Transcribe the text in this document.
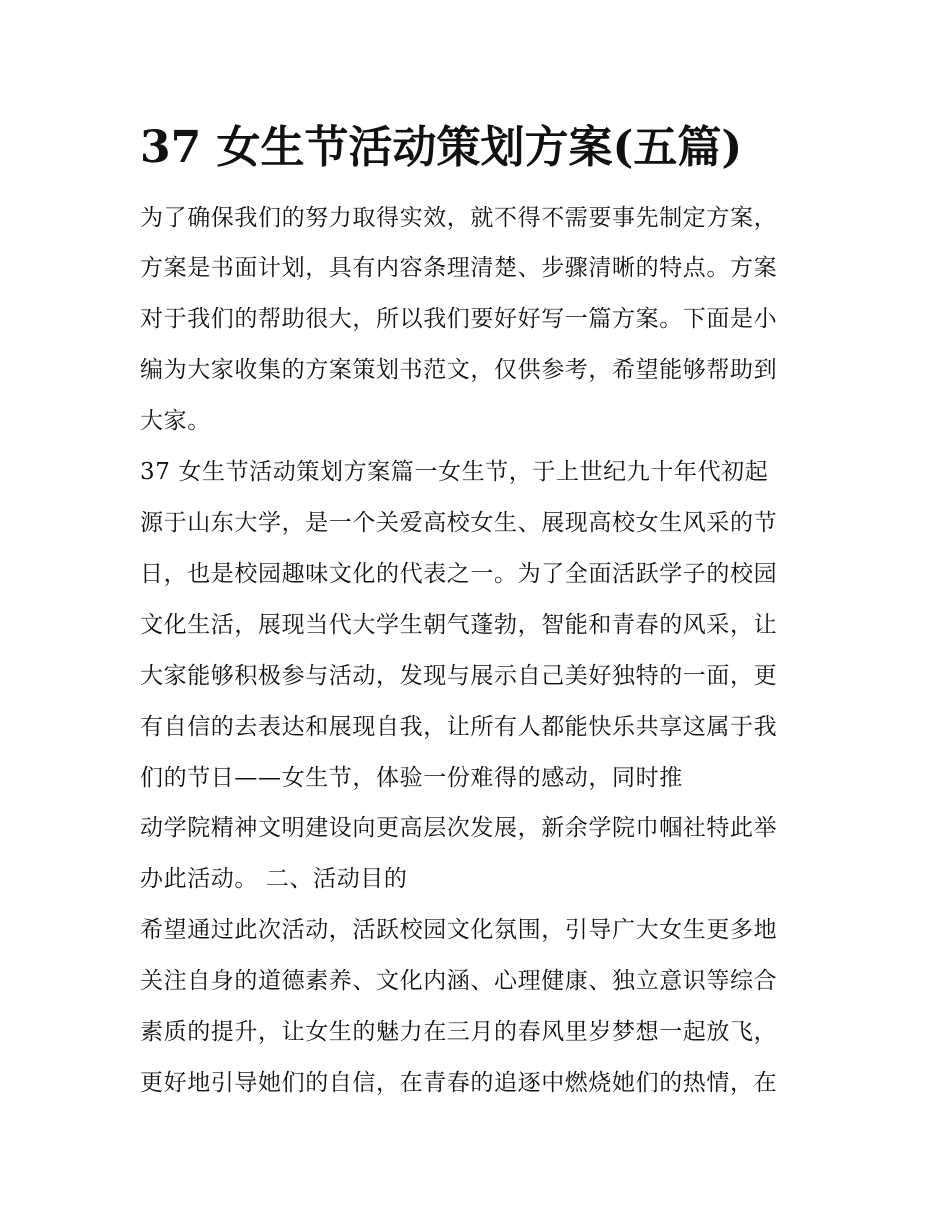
37 女生节活动策划方案(五篇)

为了确保我们的努力取得实效，就不得不需要事先制定方案，

方案是书面计划，具有内容条理清楚、步骤清晰的特点。方案

对于我们的帮助很大，所以我们要好好写一篇方案。下面是小

编为大家收集的方案策划书范文，仅供参考，希望能够帮助到

大家。

37 女生节活动策划方案篇一女生节，于上世纪九十年代初起

源于山东大学，是一个关爱高校女生、展现高校女生风采的节

日，也是校园趣味文化的代表之一。为了全面活跃学子的校园

文化生活，展现当代大学生朝气蓬勃，智能和青春的风采，让

大家能够积极参与活动，发现与展示自己美好独特的一面，更

有自信的去表达和展现自我，让所有人都能快乐共享这属于我

们的节日——女生节，体验一份难得的感动，同时推

动学院精神文明建设向更高层次发展，新余学院巾帼社特此举

办此活动。 二、活动目的

希望通过此次活动，活跃校园文化氛围，引导广大女生更多地

关注自身的道德素养、文化内涵、心理健康、独立意识等综合

素质的提升，让女生的魅力在三月的春风里岁梦想一起放飞，

更好地引导她们的自信，在青春的追逐中燃烧她们的热情，在
